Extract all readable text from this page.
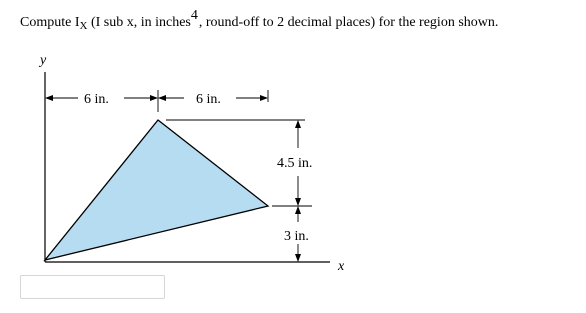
Compute $I_X$ (I sub x, in inches4, round-off to 2 decimal places) for the region shown.
y
x
6 in.	6 in.
4.5 in.
3 in.
